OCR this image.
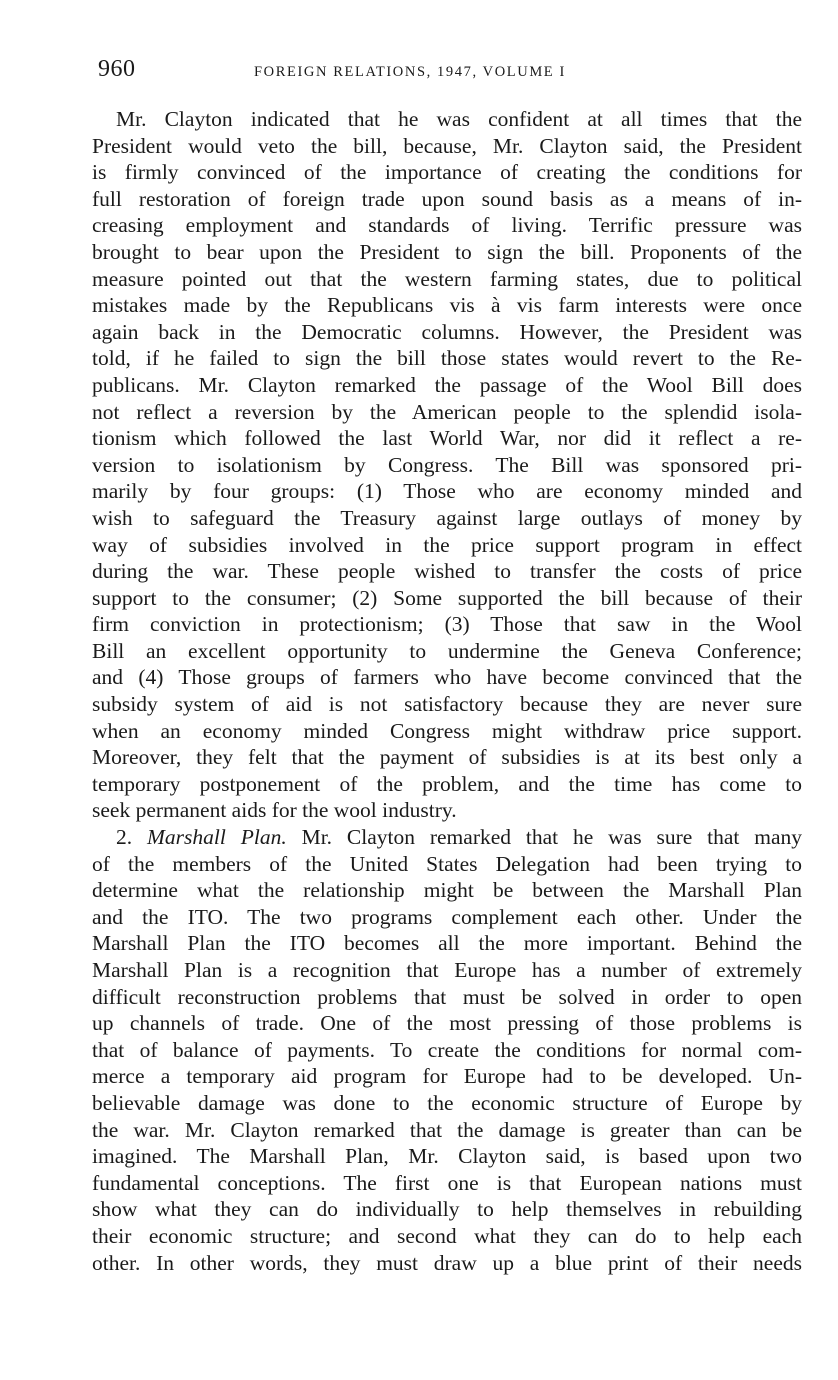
960	FOREIGN RELATIONS, 1947, VOLUME I
Mr. Clayton indicated that he was confident at all times that the
President would veto the bill, because, Mr. Clayton said, the President
is firmly convinced of the importance of creating the conditions for
full restoration of foreign trade upon sound basis as a means of in-
creasing employment and standards of living. Terrific pressure was
brought to bear upon the President to sign the bill. Proponents of the
measure pointed out that the western farming states, due to political
mistakes made by the Republicans vis à vis farm interests were once
again back in the Democratic columns. However, the President was
told, if he failed to sign the bill those states would revert to the Re-
publicans. Mr. Clayton remarked the passage of the Wool Bill does
not reflect a reversion by the American people to the splendid isola-
tionism which followed the last World War, nor did it reflect a re-
version to isolationism by Congress. The Bill was sponsored pri-
marily by four groups: (1) Those who are economy minded and
wish to safeguard the Treasury against large outlays of money by
way of subsidies involved in the price support program in effect
during the war. These people wished to transfer the costs of price
support to the consumer; (2) Some supported the bill because of their
firm conviction in protectionism; (3) Those that saw in the Wool
Bill an excellent opportunity to undermine the Geneva Conference;
and (4) Those groups of farmers who have become convinced that the
subsidy system of aid is not satisfactory because they are never sure
when an economy minded Congress might withdraw price support.
Moreover, they felt that the payment of subsidies is at its best only a
temporary postponement of the problem, and the time has come to
seek permanent aids for the wool industry.
2. Marshall Plan. Mr. Clayton remarked that he was sure that many
of the members of the United States Delegation had been trying to
determine what the relationship might be between the Marshall Plan
and the ITO. The two programs complement each other. Under the
Marshall Plan the ITO becomes all the more important. Behind the
Marshall Plan is a recognition that Europe has a number of extremely
difficult reconstruction problems that must be solved in order to open
up channels of trade. One of the most pressing of those problems is
that of balance of payments. To create the conditions for normal com-
merce a temporary aid program for Europe had to be developed. Un-
believable damage was done to the economic structure of Europe by
the war. Mr. Clayton remarked that the damage is greater than can be
imagined. The Marshall Plan, Mr. Clayton said, is based upon two
fundamental conceptions. The first one is that European nations must
show what they can do individually to help themselves in rebuilding
their economic structure; and second what they can do to help each
other. In other words, they must draw up a blue print of their needs
